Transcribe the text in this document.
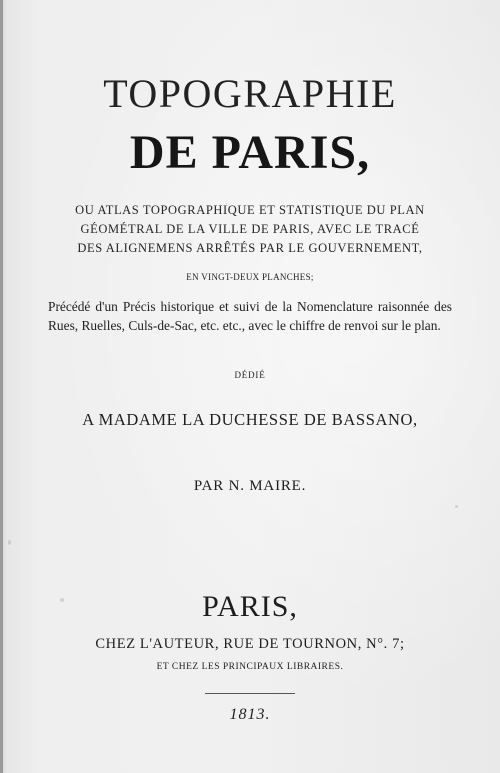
TOPOGRAPHIE

DE PARIS,

OU ATLAS TOPOGRAPHIQUE ET STATISTIQUE DU PLAN

GÉOMÉTRAL DE LA VILLE DE PARIS, AVEC LE TRACÉ

DES ALIGNEMENS ARRÊTÉS PAR LE GOUVERNEMENT,

EN VINGT-DEUX PLANCHES;

Précédé d'un Précis historique et suivi de la Nomenclature raisonnée des Rues, Ruelles, Culs-de-Sac, etc. etc., avec le chiffre de renvoi sur le plan.

DÉDIÉ

A MADAME LA DUCHESSE DE BASSANO,

PAR N. MAIRE.

PARIS,

CHEZ L'AUTEUR, RUE DE TOURNON, N°. 7;

ET CHEZ LES PRINCIPAUX LIBRAIRES.

1813.
